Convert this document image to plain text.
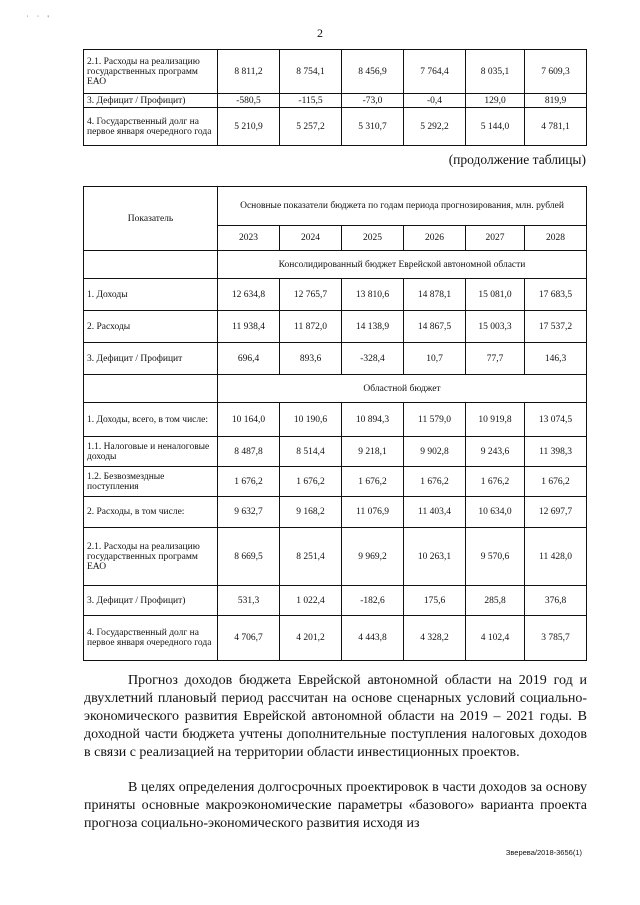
˙ ˙ '
2
2.1. Расходы на реализацию государственных программ ЕАО	8 811,2	8 754,1	8 456,9	7 764,4	8 035,1	7 609,3
3. Дефицит / Профицит)	-580,5	-115,5	-73,0	-0,4	129,0	819,9
4. Государственный долг на первое января очередного года	5 210,9	5 257,2	5 310,7	5 292,2	5 144,0	4 781,1
(продолжение таблицы)
Показатель	Основные показатели бюджета по годам периода прогнозирования, млн. рублей					
	2023	2024	2025	2026	2027	2028
	Консолидированный бюджет Еврейской автономной области					
1. Доходы	12 634,8	12 765,7	13 810,6	14 878,1	15 081,0	17 683,5
2. Расходы	11 938,4	11 872,0	14 138,9	14 867,5	15 003,3	17 537,2
3. Дефицит / Профицит	696,4	893,6	-328,4	10,7	77,7	146,3
	Областной бюджет					
1. Доходы, всего, в том числе:	10 164,0	10 190,6	10 894,3	11 579,0	10 919,8	13 074,5
1.1. Налоговые и неналоговые доходы	8 487,8	8 514,4	9 218,1	9 902,8	9 243,6	11 398,3
1.2. Безвозмездные поступления	1 676,2	1 676,2	1 676,2	1 676,2	1 676,2	1 676,2
2. Расходы, в том числе:	9 632,7	9 168,2	11 076,9	11 403,4	10 634,0	12 697,7
2.1. Расходы на реализацию государственных программ ЕАО	8 669,5	8 251,4	9 969,2	10 263,1	9 570,6	11 428,0
3. Дефицит / Профицит)	531,3	1 022,4	-182,6	175,6	285,8	376,8
4. Государственный долг на первое января очередного года	4 706,7	4 201,2	4 443,8	4 328,2	4 102,4	3 785,7

Прогноз доходов бюджета Еврейской автономной области на 2019 год и двухлетний плановый период рассчитан на основе сценарных условий социально-экономического развития Еврейской автономной области на 2019 – 2021 годы. В доходной части бюджета учтены дополнительные поступления налоговых доходов в связи с реализацией на территории области инвестиционных проектов.

В целях определения долгосрочных проектировок в части доходов за основу приняты основные макроэкономические параметры «базового» варианта проекта прогноза социально-экономического развития исходя из

Зверева/2018-3656(1)
